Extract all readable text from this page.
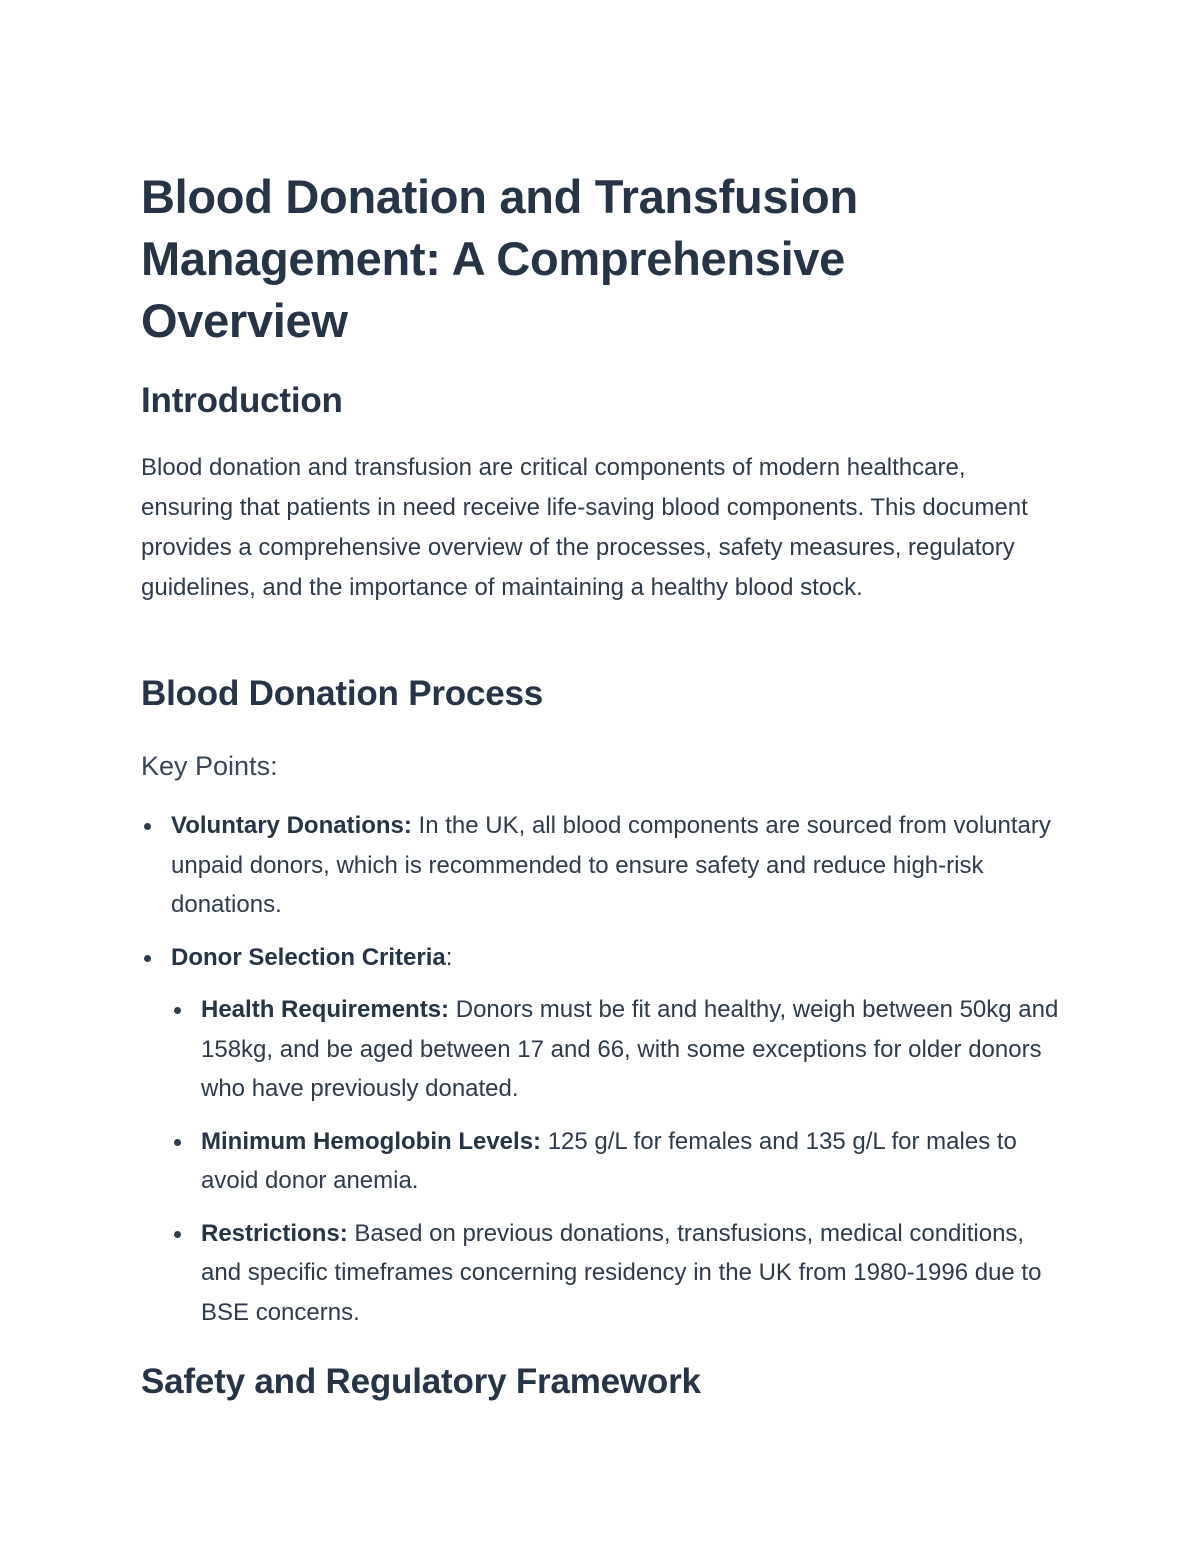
Blood Donation and Transfusion Management: A Comprehensive Overview
Introduction

Blood donation and transfusion are critical components of modern healthcare, ensuring that patients in need receive life-saving blood components. This document provides a comprehensive overview of the processes, safety measures, regulatory guidelines, and the importance of maintaining a healthy blood stock.

Blood Donation Process
Key Points:
Voluntary Donations: In the UK, all blood components are sourced from voluntary unpaid donors, which is recommended to ensure safety and reduce high-risk donations.
Donor Selection Criteria:
Health Requirements: Donors must be fit and healthy, weigh between 50kg and 158kg, and be aged between 17 and 66, with some exceptions for older donors who have previously donated.
Minimum Hemoglobin Levels: 125 g/L for females and 135 g/L for males to avoid donor anemia.
Restrictions: Based on previous donations, transfusions, medical conditions, and specific timeframes concerning residency in the UK from 1980-1996 due to BSE concerns.
Safety and Regulatory Framework
